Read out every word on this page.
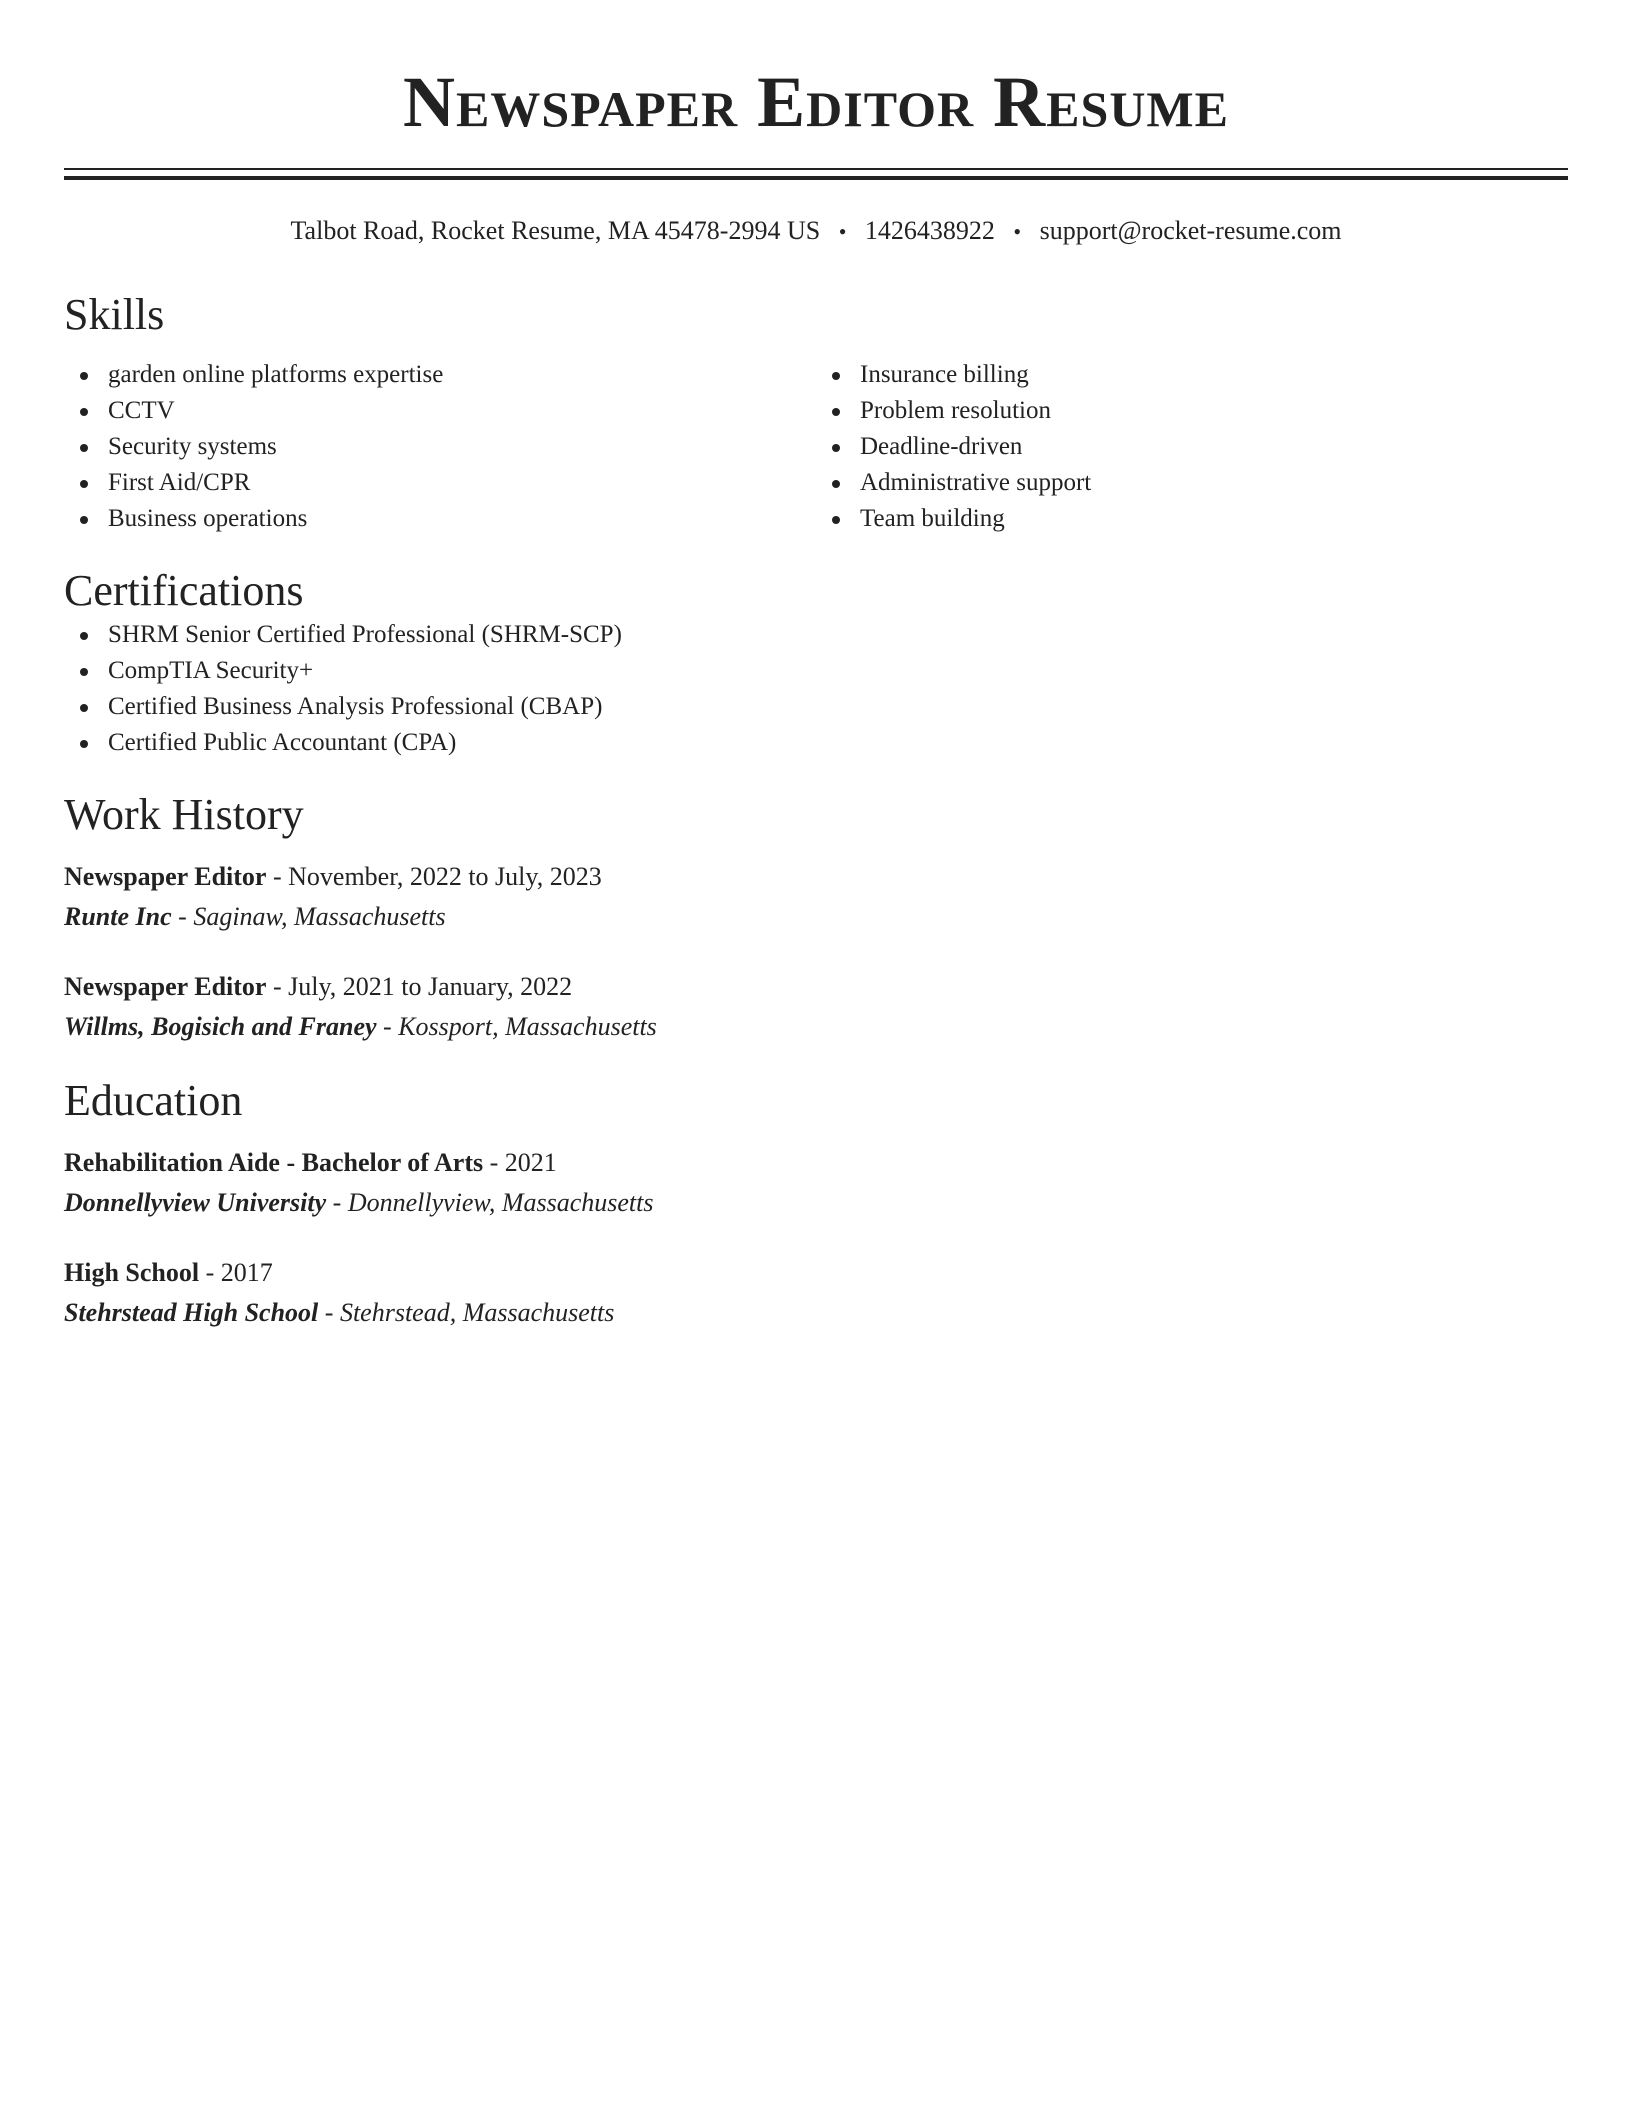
Newspaper Editor Resume
Talbot Road, Rocket Resume, MA 45478-2994 US • 1426438922 • support@rocket-resume.com
Skills
garden online platforms expertise
CCTV
Security systems
First Aid/CPR
Business operations
Insurance billing
Problem resolution
Deadline-driven
Administrative support
Team building
Certifications
SHRM Senior Certified Professional (SHRM-SCP)
CompTIA Security+
Certified Business Analysis Professional (CBAP)
Certified Public Accountant (CPA)
Work History
Newspaper Editor - November, 2022 to July, 2023
Runte Inc - Saginaw, Massachusetts
Newspaper Editor - July, 2021 to January, 2022
Willms, Bogisich and Franey - Kossport, Massachusetts
Education
Rehabilitation Aide - Bachelor of Arts - 2021
Donnellyview University - Donnellyview, Massachusetts
High School - 2017
Stehrstead High School - Stehrstead, Massachusetts
